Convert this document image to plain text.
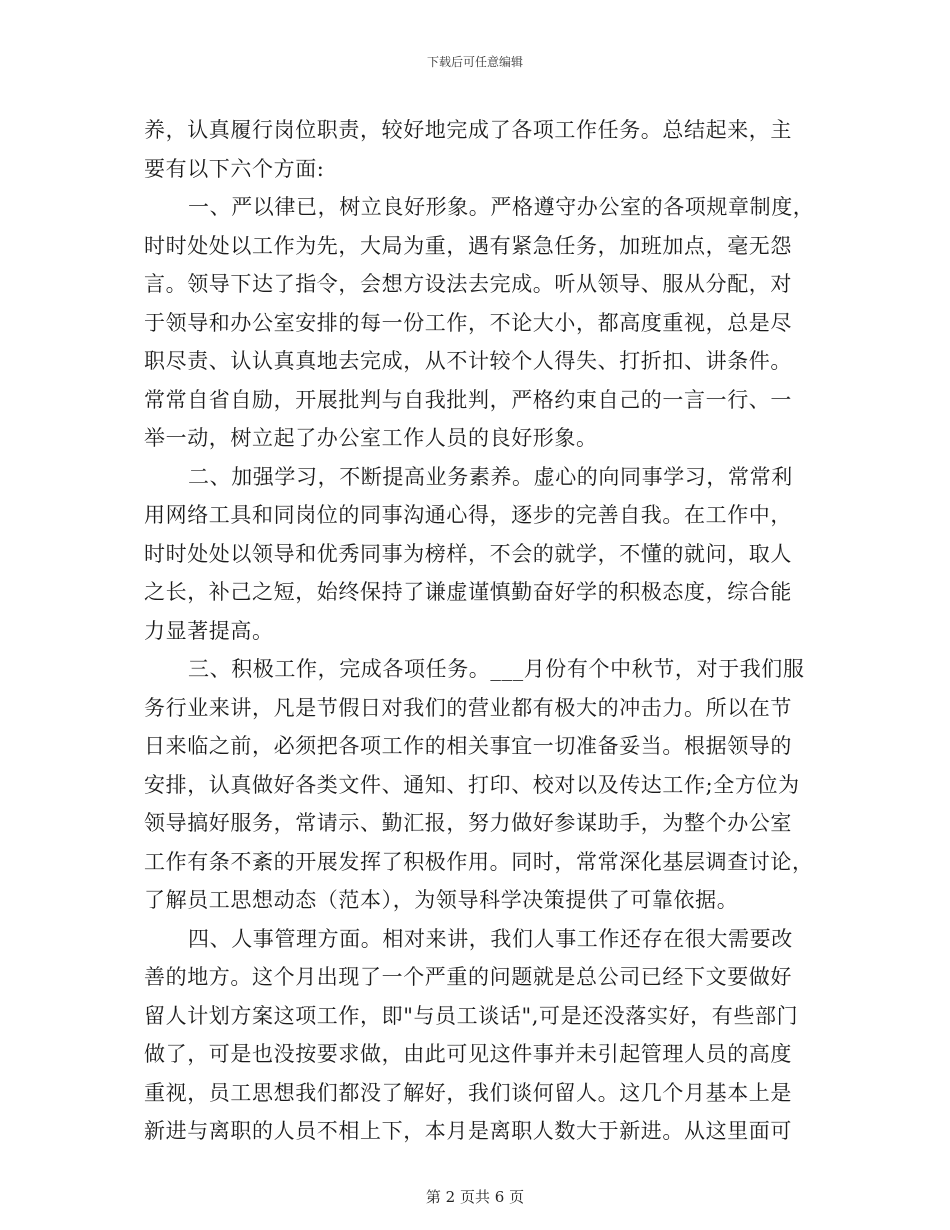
下载后可任意编辑
养，认真履行岗位职责，较好地完成了各项工作任务。总结起来，主
要有以下六个方面:
一、严以律已，树立良好形象。严格遵守办公室的各项规章制度，
时时处处以工作为先，大局为重，遇有紧急任务，加班加点，毫无怨
言。领导下达了指令，会想方设法去完成。听从领导、服从分配，对
于领导和办公室安排的每一份工作，不论大小，都高度重视，总是尽
职尽责、认认真真地去完成，从不计较个人得失、打折扣、讲条件。
常常自省自励，开展批判与自我批判，严格约束自己的一言一行、一
举一动，树立起了办公室工作人员的良好形象。
二、加强学习，不断提高业务素养。虚心的向同事学习，常常利
用网络工具和同岗位的同事沟通心得，逐步的完善自我。在工作中，
时时处处以领导和优秀同事为榜样，不会的就学，不懂的就问，取人
之长，补己之短，始终保持了谦虚谨慎勤奋好学的积极态度，综合能
力显著提高。
三、积极工作，完成各项任务。___月份有个中秋节，对于我们服
务行业来讲，凡是节假日对我们的营业都有极大的冲击力。所以在节
日来临之前，必须把各项工作的相关事宜一切准备妥当。根据领导的
安排，认真做好各类文件、通知、打印、校对以及传达工作;全方位为
领导搞好服务，常请示、勤汇报，努力做好参谋助手，为整个办公室
工作有条不紊的开展发挥了积极作用。同时，常常深化基层调查讨论，
了解员工思想动态（范本），为领导科学决策提供了可靠依据。
四、人事管理方面。相对来讲，我们人事工作还存在很大需要改
善的地方。这个月出现了一个严重的问题就是总公司已经下文要做好
留人计划方案这项工作，即"与员工谈话",可是还没落实好，有些部门
做了，可是也没按要求做，由此可见这件事并未引起管理人员的高度
重视，员工思想我们都没了解好，我们谈何留人。这几个月基本上是
新进与离职的人员不相上下，本月是离职人数大于新进。从这里面可
第 2 页共 6 页
